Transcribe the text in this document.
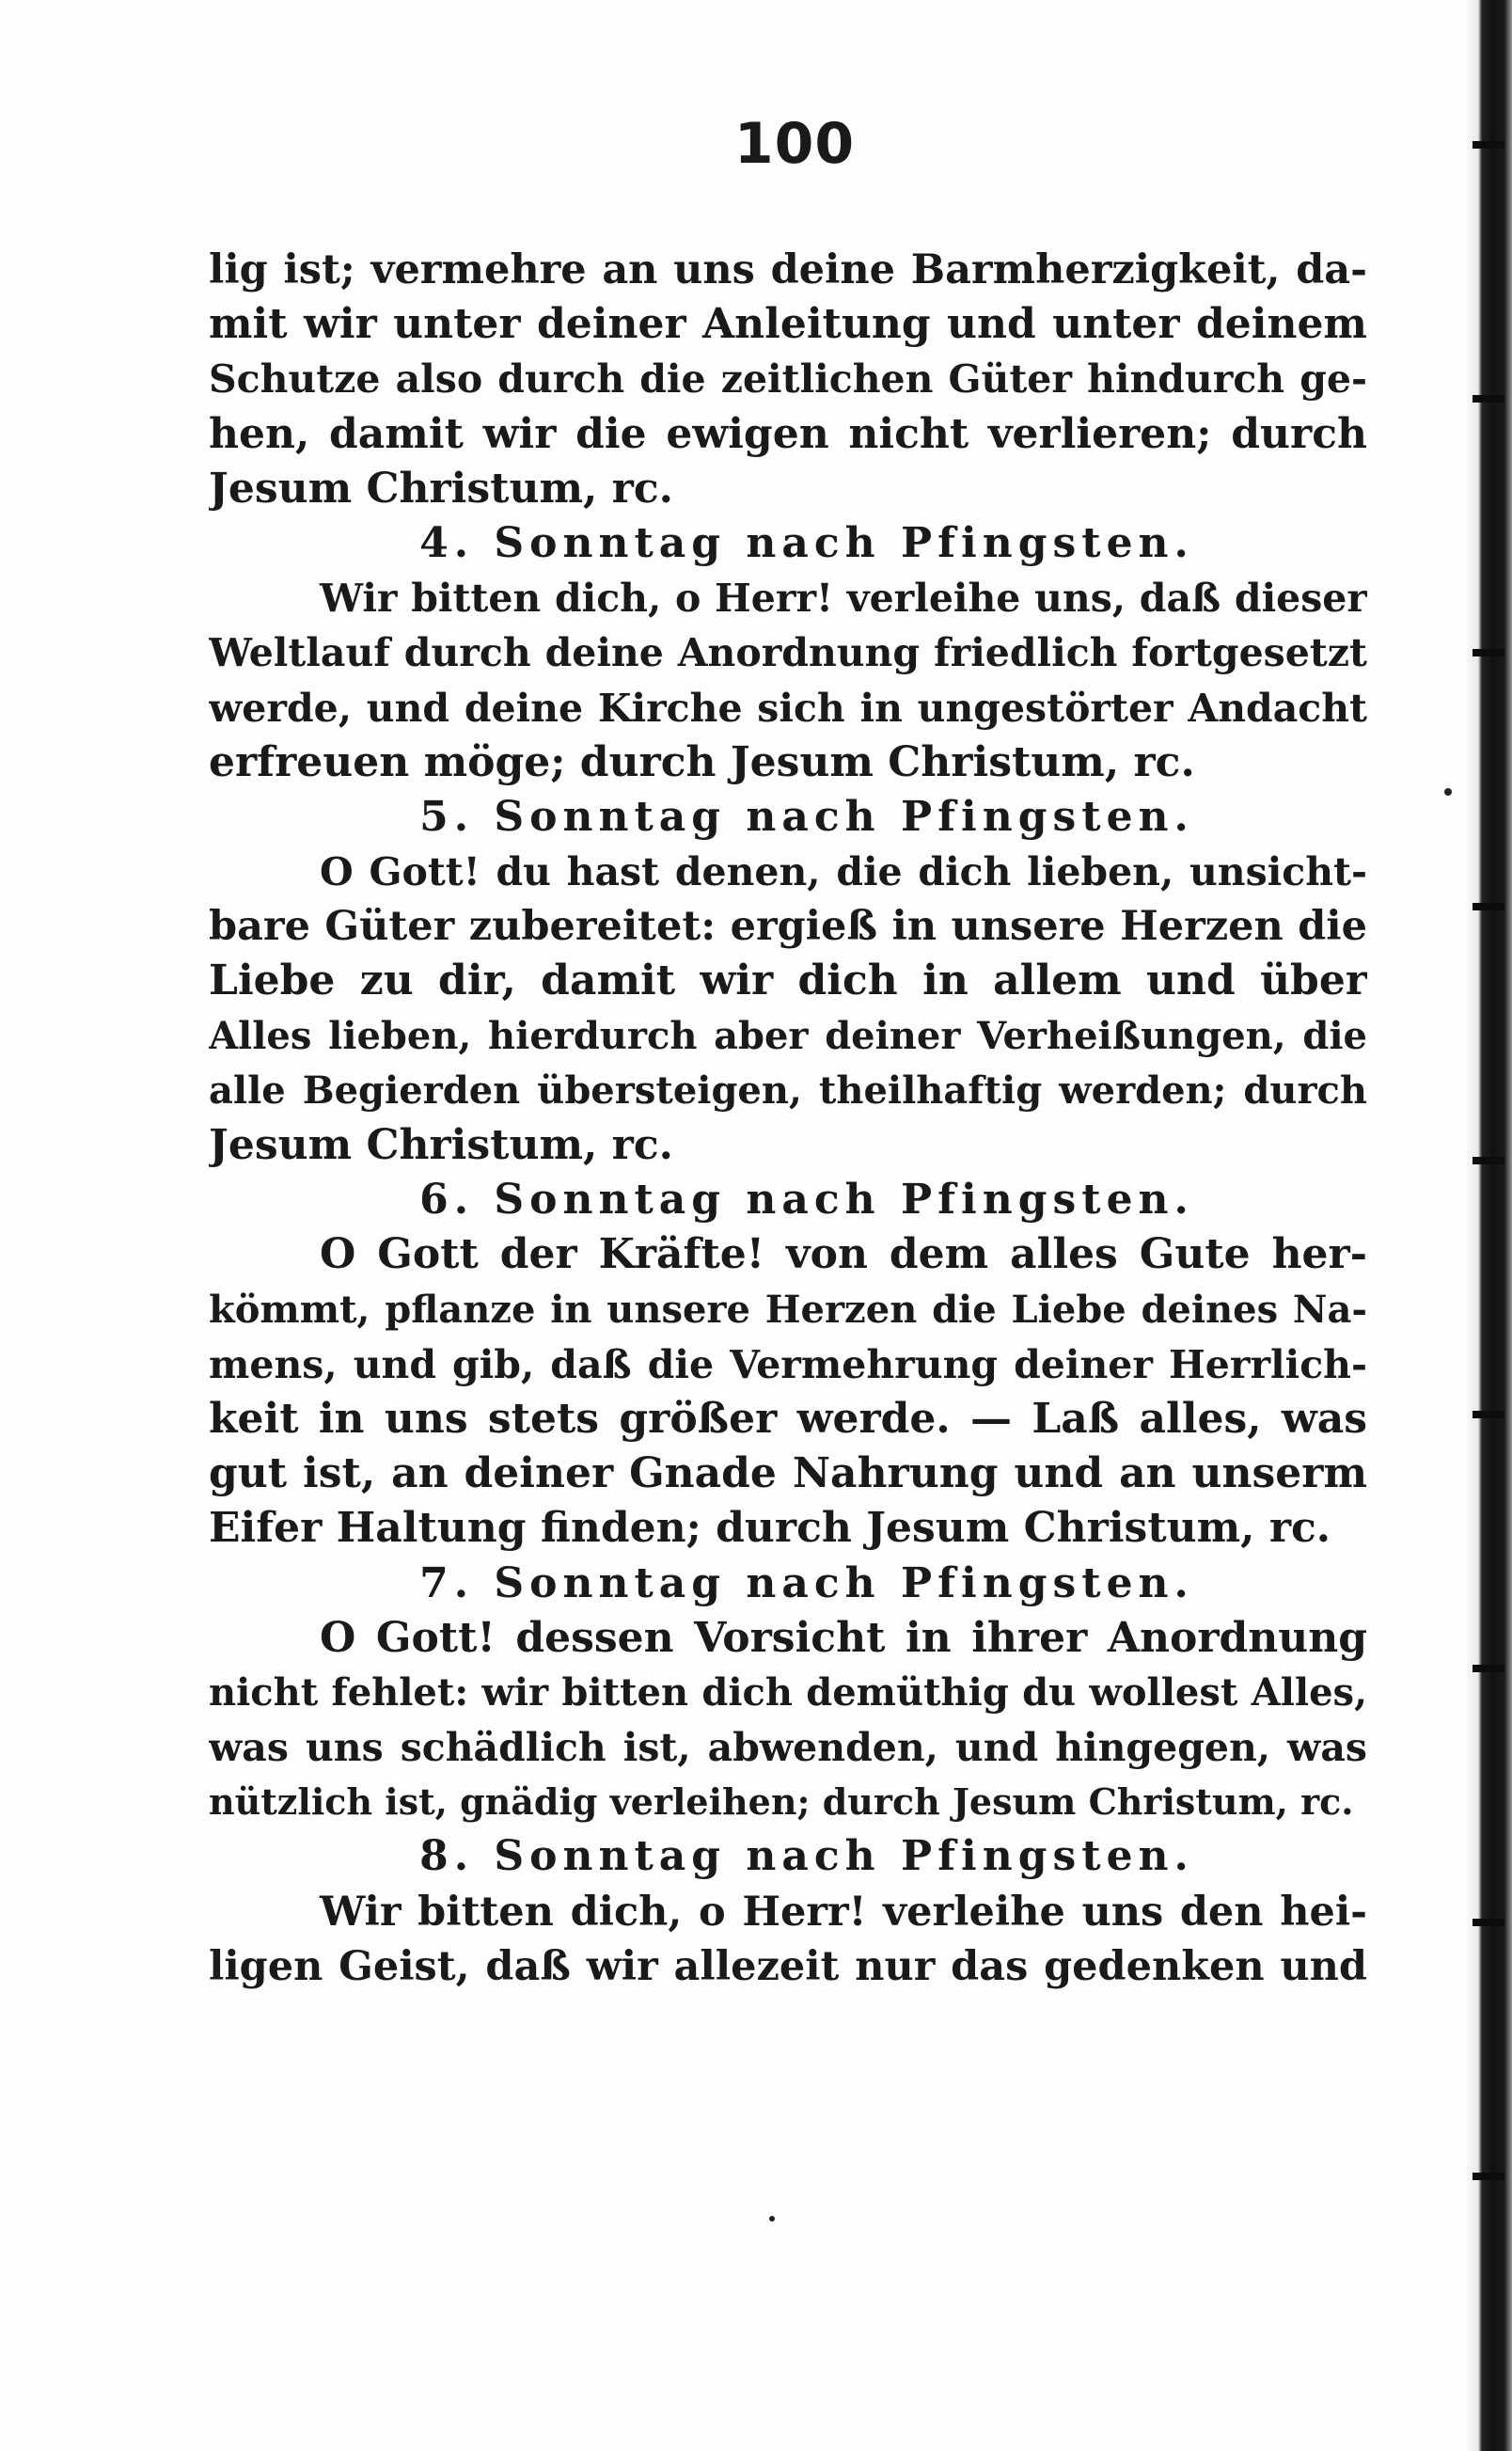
100
lig ist; vermehre an uns deine Barmherzigkeit, da-
mit wir unter deiner Anleitung und unter deinem
Schutze also durch die zeitlichen Güter hindurch ge-
hen, damit wir die ewigen nicht verlieren; durch
Jesum Christum, rc.
4. Sonntag nach Pfingsten.
Wir bitten dich, o Herr! verleihe uns, daß dieser
Weltlauf durch deine Anordnung friedlich fortgesetzt
werde, und deine Kirche sich in ungestörter Andacht
erfreuen möge; durch Jesum Christum, rc.
5. Sonntag nach Pfingsten.
O Gott! du hast denen, die dich lieben, unsicht-
bare Güter zubereitet: ergieß in unsere Herzen die
Liebe zu dir, damit wir dich in allem und über
Alles lieben, hierdurch aber deiner Verheißungen, die
alle Begierden übersteigen, theilhaftig werden; durch
Jesum Christum, rc.
6. Sonntag nach Pfingsten.
O Gott der Kräfte! von dem alles Gute her-
kömmt, pflanze in unsere Herzen die Liebe deines Na-
mens, und gib, daß die Vermehrung deiner Herrlich-
keit in uns stets größer werde. — Laß alles, was
gut ist, an deiner Gnade Nahrung und an unserm
Eifer Haltung finden; durch Jesum Christum, rc.
7. Sonntag nach Pfingsten.
O Gott! dessen Vorsicht in ihrer Anordnung
nicht fehlet: wir bitten dich demüthig du wollest Alles,
was uns schädlich ist, abwenden, und hingegen, was
nützlich ist, gnädig verleihen; durch Jesum Christum, rc.
8. Sonntag nach Pfingsten.
Wir bitten dich, o Herr! verleihe uns den hei-
ligen Geist, daß wir allezeit nur das gedenken und
